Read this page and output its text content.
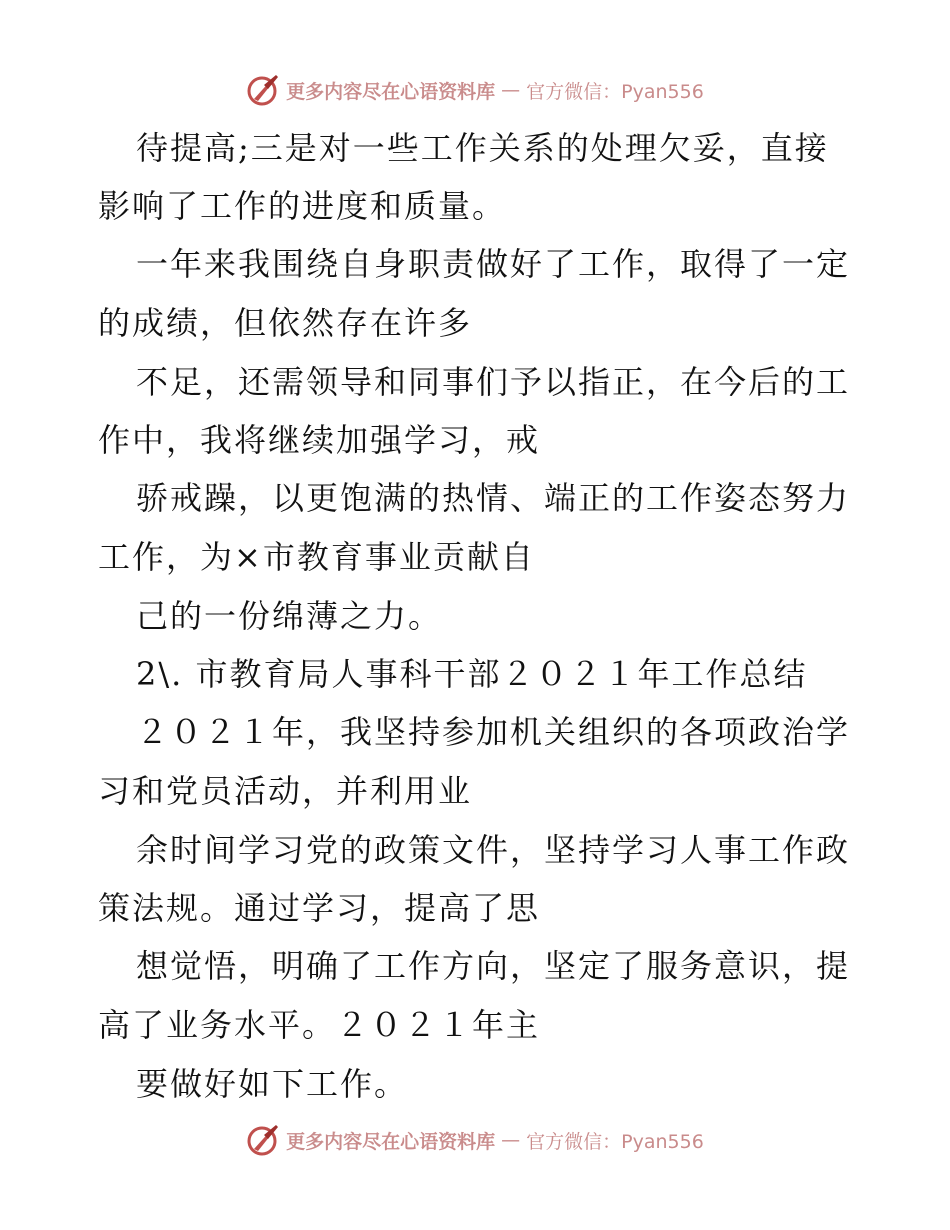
更多内容尽在心语资料库 — 官方微信：Pyan556
待提高;三是对一些工作关系的处理欠妥，直接
影响了工作的进度和质量。
一年来我围绕自身职责做好了工作，取得了一定
的成绩，但依然存在许多
不足，还需领导和同事们予以指正，在今后的工
作中，我将继续加强学习，戒
骄戒躁，以更饱满的热情、端正的工作姿态努力
工作，为×市教育事业贡献自
己的一份绵薄之力。
2\. 市教育局人事科干部２０２１年工作总结
２０２１年，我坚持参加机关组织的各项政治学
习和党员活动，并利用业
余时间学习党的政策文件，坚持学习人事工作政
策法规。通过学习，提高了思
想觉悟，明确了工作方向，坚定了服务意识，提
高了业务水平。２０２１年主
要做好如下工作。
更多内容尽在心语资料库 — 官方微信：Pyan556
